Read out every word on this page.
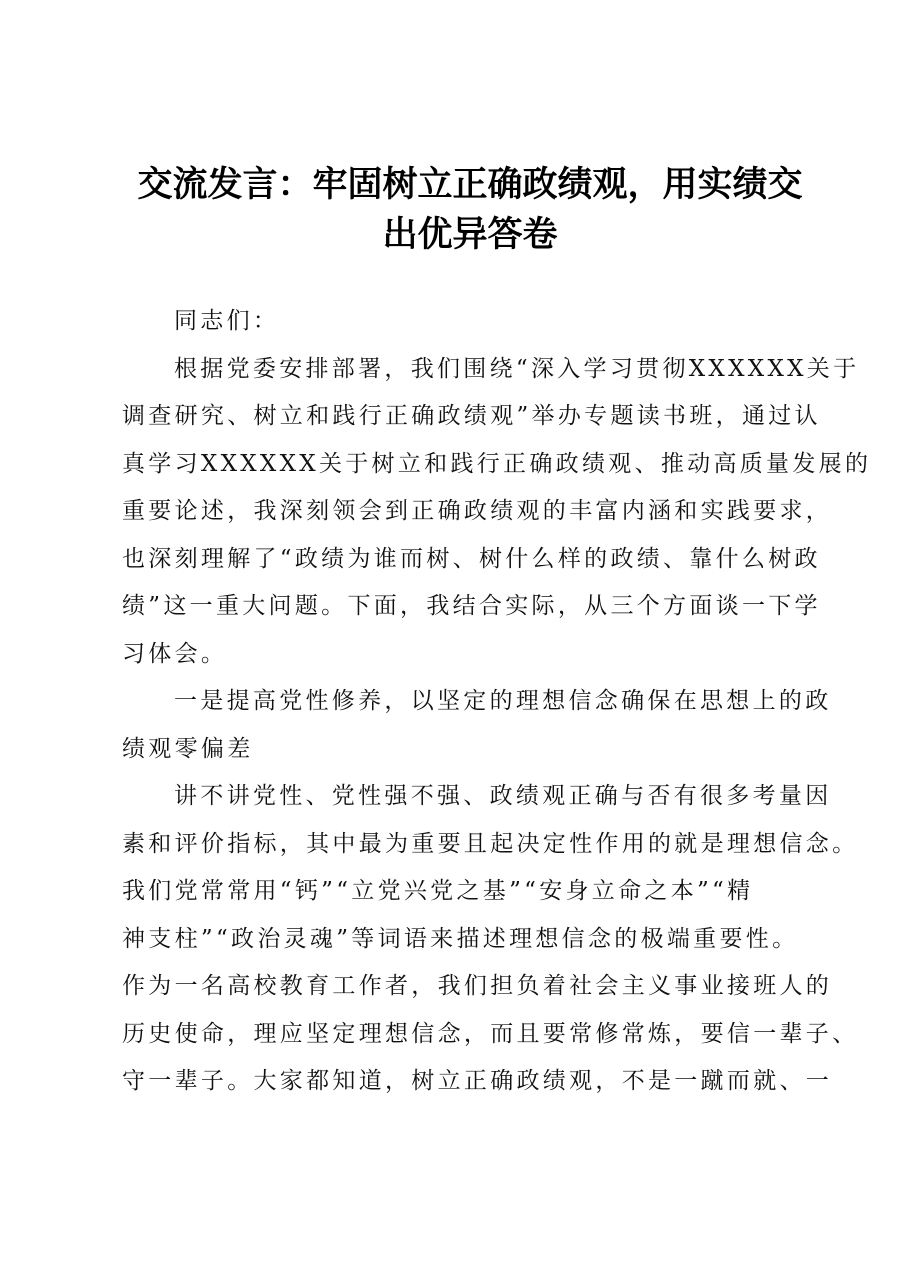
交流发言：牢固树立正确政绩观，用实绩交
出优异答卷

同志们：

根据党委安排部署，我们围绕“深入学习贯彻XXXXXX关于

调查研究、树立和践行正确政绩观”举办专题读书班，通过认

真学习XXXXXX关于树立和践行正确政绩观、推动高质量发展的

重要论述，我深刻领会到正确政绩观的丰富内涵和实践要求，

也深刻理解了“政绩为谁而树、树什么样的政绩、靠什么树政

绩”这一重大问题。下面，我结合实际，从三个方面谈一下学

习体会。

一是提高党性修养，以坚定的理想信念确保在思想上的政

绩观零偏差

讲不讲党性、党性强不强、政绩观正确与否有很多考量因

素和评价指标，其中最为重要且起决定性作用的就是理想信念。

我们党常常用“钙”“立党兴党之基”“安身立命之本”“精

神支柱”“政治灵魂”等词语来描述理想信念的极端重要性。

作为一名高校教育工作者，我们担负着社会主义事业接班人的

历史使命，理应坚定理想信念，而且要常修常炼，要信一辈子、

守一辈子。大家都知道，树立正确政绩观，不是一蹴而就、一
